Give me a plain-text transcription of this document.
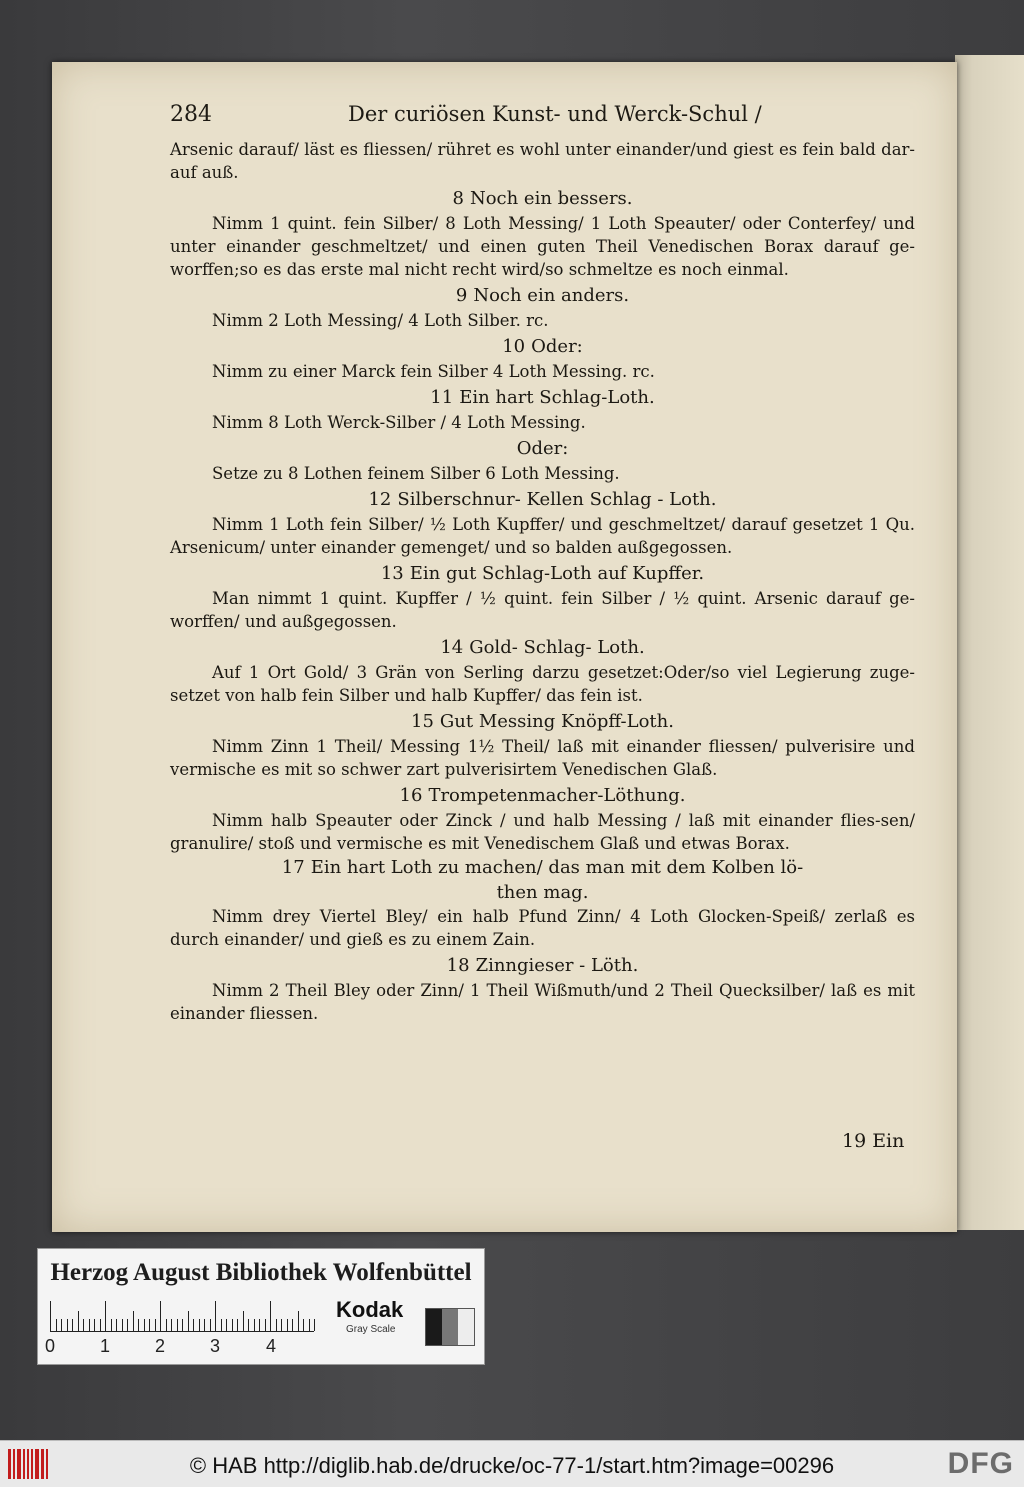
284	Der curiösen Kunst- und Werck-Schul /
Arsenic darauf/ läst es fliessen/ rühret es wohl unter einander/und giest es fein bald dar-auf auß.
8 Noch ein bessers.
Nimm 1 quint. fein Silber/ 8 Loth Messing/ 1 Loth Speauter/ oder Conterfey/ und unter einander geschmeltzet/ und einen guten Theil Venedischen Borax darauf ge-worffen;so es das erste mal nicht recht wird/so schmeltze es noch einmal.
9 Noch ein anders.
Nimm 2 Loth Messing/ 4 Loth Silber. rc.
10 Oder:
Nimm zu einer Marck fein Silber 4 Loth Messing. rc.
11 Ein hart Schlag-Loth.
Nimm 8 Loth Werck-Silber / 4 Loth Messing.
Oder:
Setze zu 8 Lothen feinem Silber 6 Loth Messing.
12 Silberschnur- Kellen Schlag - Loth.
Nimm 1 Loth fein Silber/ ½ Loth Kupffer/ und geschmeltzet/ darauf gesetzet 1 Qu. Arsenicum/ unter einander gemenget/ und so balden außgegossen.
13 Ein gut Schlag-Loth auf Kupffer.
Man nimmt 1 quint. Kupffer / ½ quint. fein Silber / ½ quint. Arsenic darauf ge-worffen/ und außgegossen.
14 Gold- Schlag- Loth.
Auf 1 Ort Gold/ 3 Grän von Serling darzu gesetzet:Oder/so viel Legierung zuge-setzet von halb fein Silber und halb Kupffer/ das fein ist.
15 Gut Messing Knöpff-Loth.
Nimm Zinn 1 Theil/ Messing 1½ Theil/ laß mit einander fliessen/ pulverisire und vermische es mit so schwer zart pulverisirtem Venedischen Glaß.
16 Trompetenmacher-Löthung.
Nimm halb Speauter oder Zinck / und halb Messing / laß mit einander flies-sen/ granulire/ stoß und vermische es mit Venedischem Glaß und etwas Borax.
17 Ein hart Loth zu machen/ das man mit dem Kolben lö-
then mag.
Nimm drey Viertel Bley/ ein halb Pfund Zinn/ 4 Loth Glocken-Speiß/ zerlaß es durch einander/ und gieß es zu einem Zain.
18 Zinngieser - Löth.
Nimm 2 Theil Bley oder Zinn/ 1 Theil Wißmuth/und 2 Theil Quecksilber/ laß es mit einander fliessen.
19 Ein
Herzog August Bibliothek Wolfenbüttel
0 1 2 3	4
Kodak
Gray Scale
© HAB http://diglib.hab.de/drucke/oc-77-1/start.htm?image=00296	DFG
